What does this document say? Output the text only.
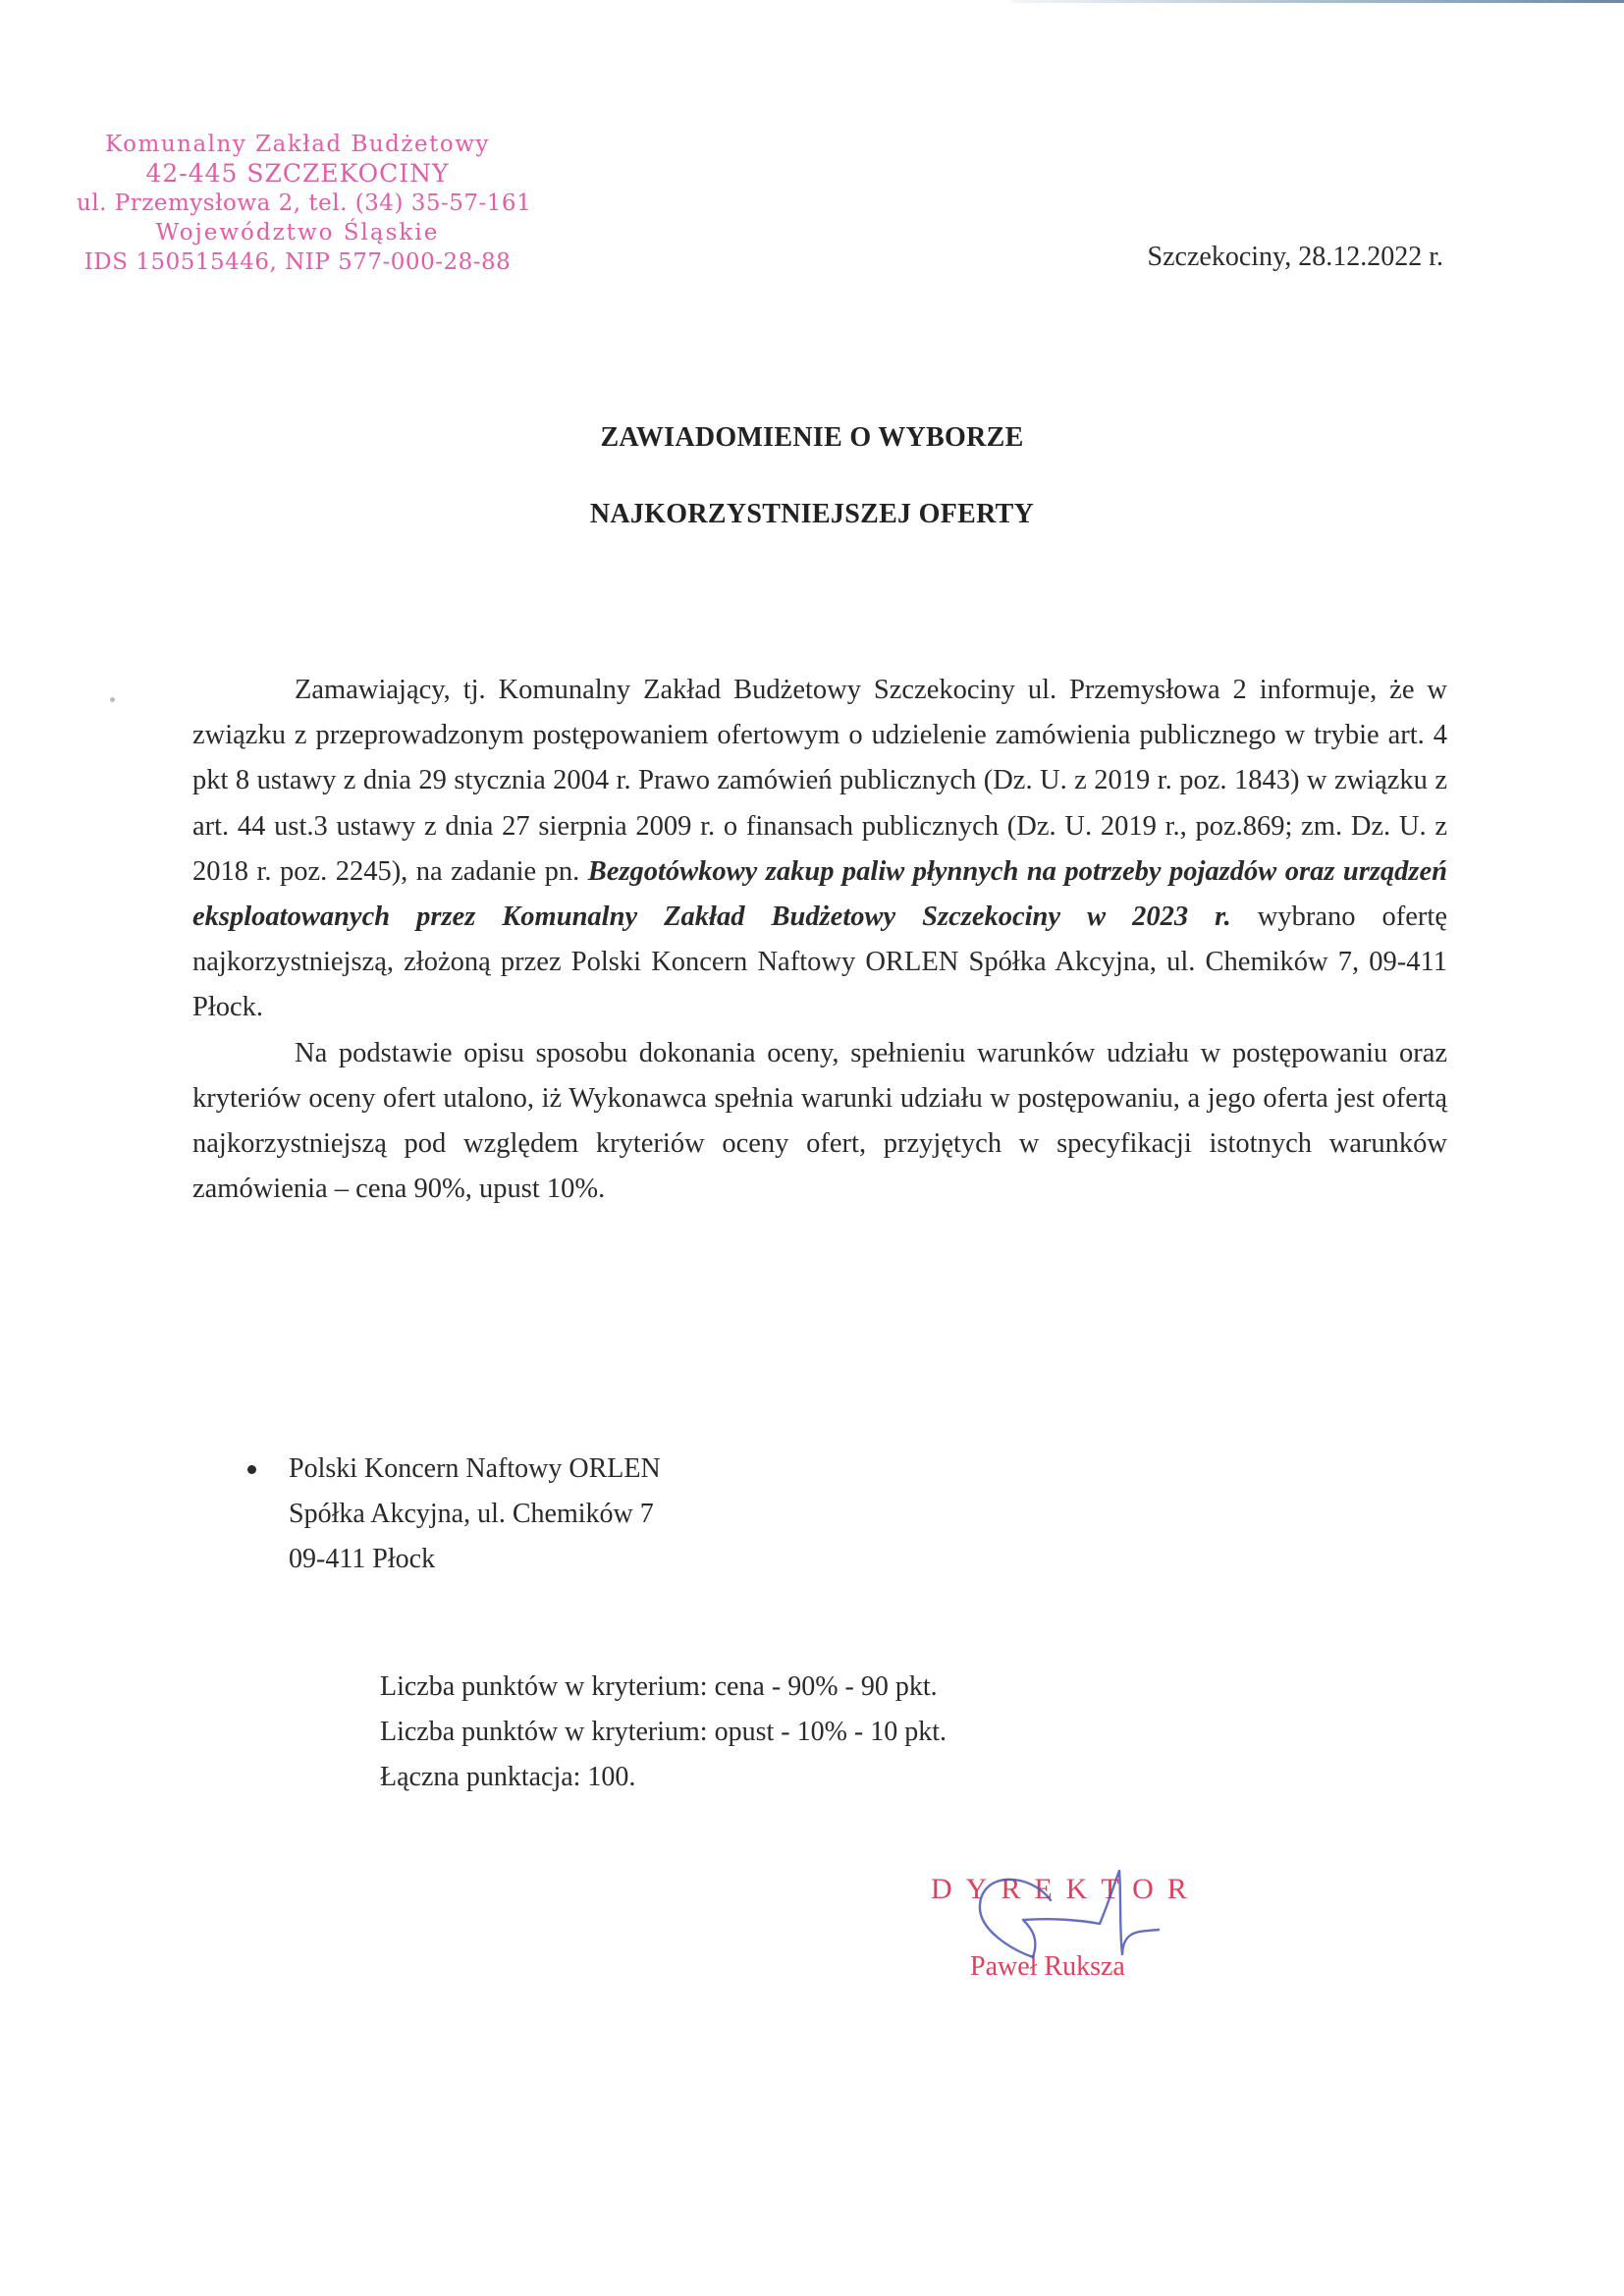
Komunalny Zakład Budżetowy
42-445 SZCZEKOCINY
ul. Przemysłowa 2, tel. (34) 35-57-161
Województwo Śląskie
IDS 150515446, NIP 577-000-28-88	Szczekociny, 28.12.2022 r.
ZAWIADOMIENIE O WYBORZE
NAJKORZYSTNIEJSZEJ OFERTY

Zamawiający, tj. Komunalny Zakład Budżetowy Szczekociny ul. Przemysłowa 2 informuje, że w związku z przeprowadzonym postępowaniem ofertowym o udzielenie zamówienia publicznego w trybie art. 4 pkt 8 ustawy z dnia 29 stycznia 2004 r. Prawo zamówień publicznych (Dz. U. z 2019 r. poz. 1843) w związku z art. 44 ust.3 ustawy z dnia 27 sierpnia 2009 r. o finansach publicznych (Dz. U. 2019 r., poz.869; zm. Dz. U. z 2018 r. poz. 2245), na zadanie pn. Bezgotówkowy zakup paliw płynnych na potrzeby pojazdów oraz urządzeń eksploatowanych przez Komunalny Zakład Budżetowy Szczekociny w 2023 r. wybrano ofertę najkorzystniejszą, złożoną przez Polski Koncern Naftowy ORLEN Spółka Akcyjna, ul. Chemików 7, 09-411 Płock.

Na podstawie opisu sposobu dokonania oceny, spełnieniu warunków udziału w postępowaniu oraz kryteriów oceny ofert utalono, iż Wykonawca spełnia warunki udziału w postępowaniu, a jego oferta jest ofertą najkorzystniejszą pod względem kryteriów oceny ofert, przyjętych w specyfikacji istotnych warunków zamówienia – cena 90%, upust 10%.

Polski Koncern Naftowy ORLEN
Spółka Akcyjna, ul. Chemików 7
09-411 Płock
Liczba punktów w kryterium: cena - 90% - 90 pkt.
Liczba punktów w kryterium: opust - 10% - 10 pkt.
Łączna punktacja: 100.
DYREKTOR
Paweł Ruksza
